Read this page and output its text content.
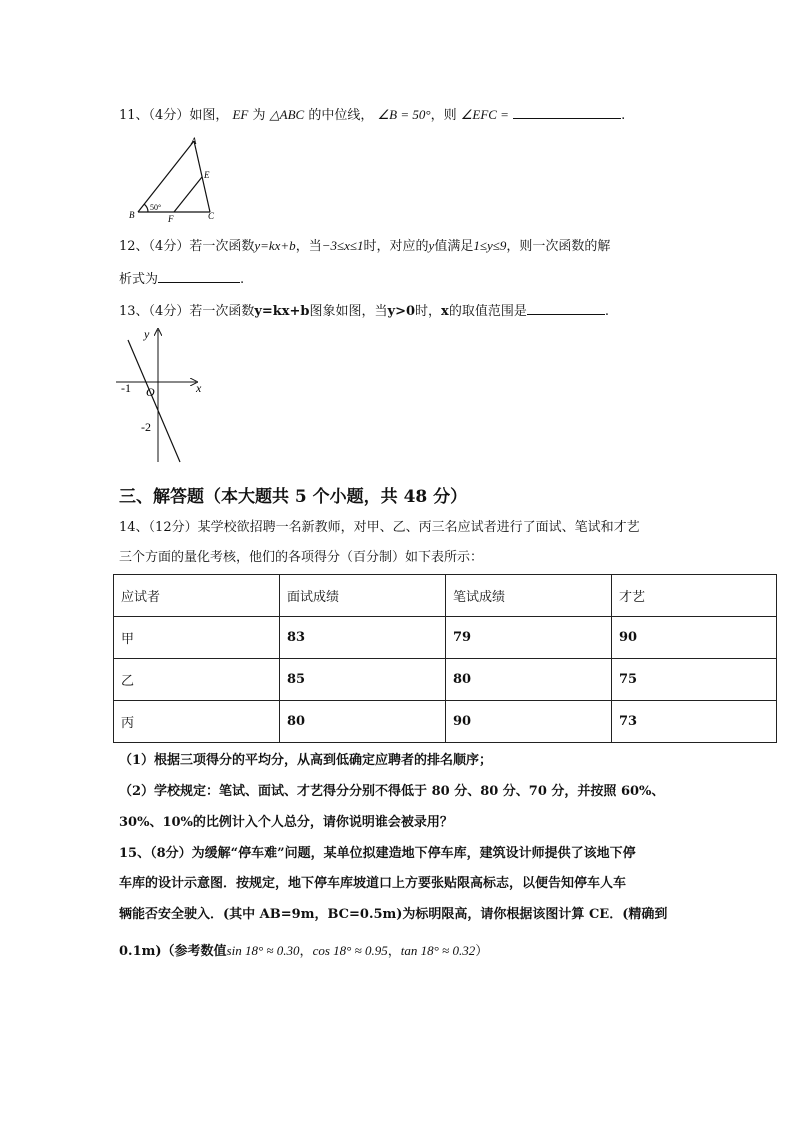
11、（4分）如图， EF 为 △ABC 的中位线， ∠B = 50°，则 ∠EFC =	.
A
B	C
E
F
50°
12、（4分）若一次函数y=kx+b，当−3≤x≤1时，对应的y值满足1≤y≤9，则一次函数的解
析式为	.
13、（4分）若一次函数y=kx+b图象如图，当y>0时，x的取值范围是	.
y
x
O
-1
-2
三、解答题（本大题共 5 个小题，共 48 分）
14、（12分）某学校欲招聘一名新教师，对甲、乙、丙三名应试者进行了面试、笔试和才艺
三个方面的量化考核，他们的各项得分（百分制）如下表所示：
应试者	面试成绩	笔试成绩	才艺
甲	83	79	90
乙	85	80	75
丙	80	90	73
（1）根据三项得分的平均分，从高到低确定应聘者的排名顺序；
（2）学校规定：笔试、面试、才艺得分分别不得低于 80 分、80 分、70 分，并按照 60%、
30%、10%的比例计入个人总分，请你说明谁会被录用？
15、（8分）为缓解“停车难”问题，某单位拟建造地下停车库，建筑设计师提供了该地下停
车库的设计示意图．按规定，地下停车库坡道口上方要张贴限高标志，以便告知停车人车
辆能否安全驶入．(其中 AB=9m，BC=0.5m)为标明限高，请你根据该图计算 CE．(精确到
0.1m)（参考数值sin 18° ≈ 0.30，cos 18° ≈ 0.95，tan 18° ≈ 0.32）
